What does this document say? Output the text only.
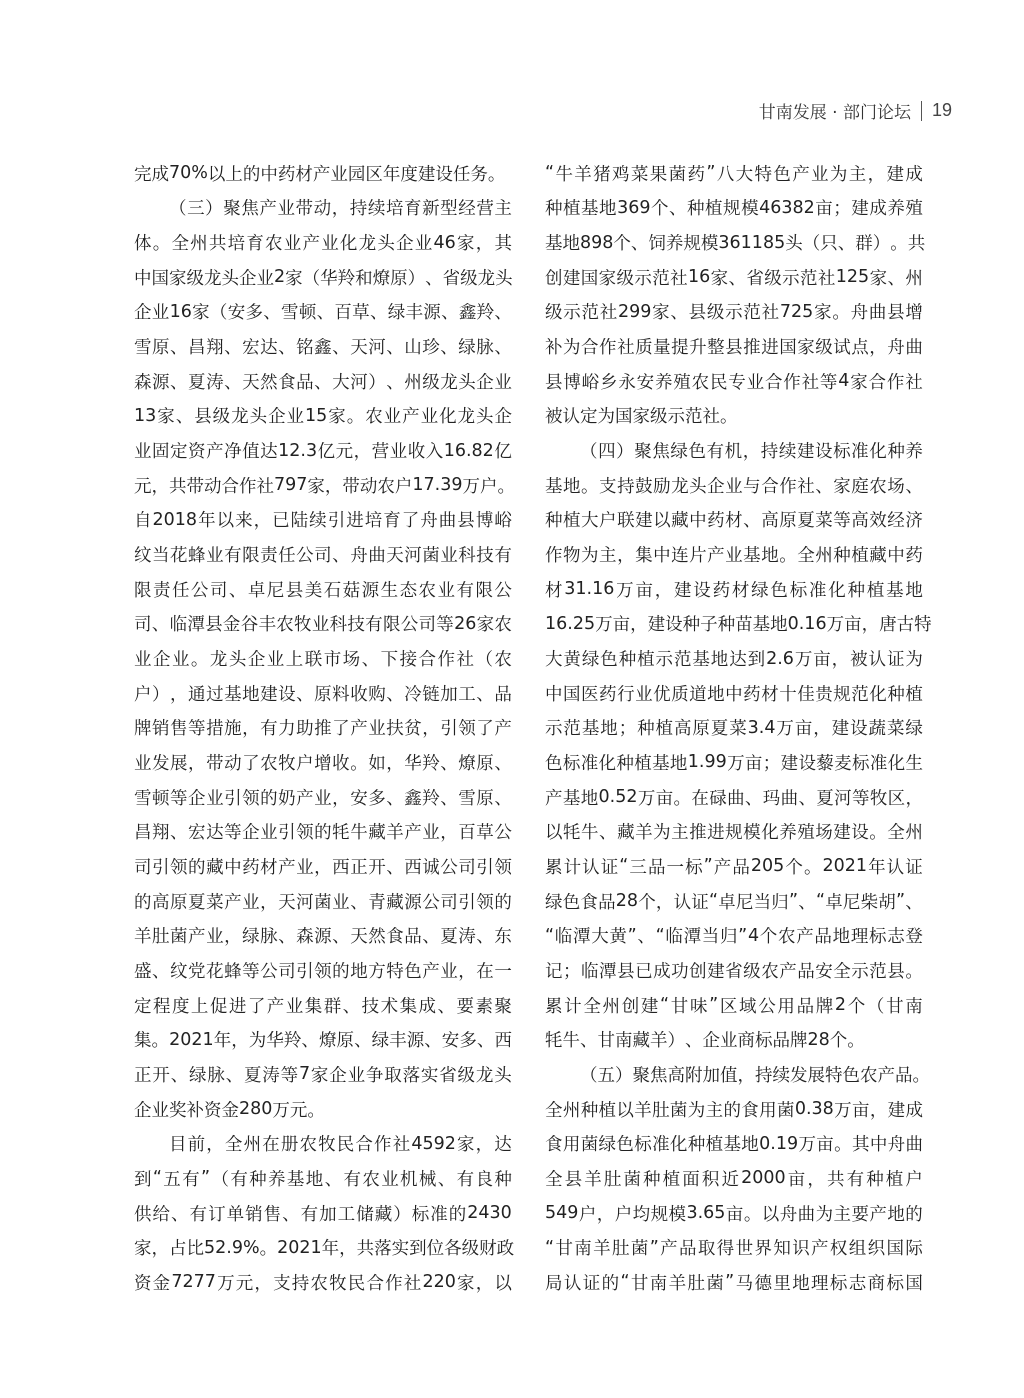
甘南发展 · 部门论坛 19
完 成 70% 以 上 的 中 药 材 产 业 园 区 年 度 建 设 任 务 。
（ 三 ） 聚 焦 产 业 带 动 ， 持 续 培 育 新 型 经 营 主
体 。 全 州 共 培 育 农 业 产 业 化 龙 头 企 业 46 家 ， 其
中 国 家 级 龙 头 企 业 2 家 （ 华 羚 和 燎 原 ） 、 省 级 龙 头
企 业 16 家 （ 安 多 、 雪 顿 、 百 草 、 绿 丰 源 、 鑫 羚 、
雪 原 、 昌 翔 、 宏 达 、 铭 鑫 、 天 河 、 山 珍 、 绿 脉 、
森 源 、 夏 涛 、 天 然 食 品 、 大 河 ） 、 州 级 龙 头 企 业
13 家 、 县 级 龙 头 企 业 15 家 。 农 业 产 业 化 龙 头 企
业 固 定 资 产 净 值 达 12.3 亿 元 ， 营 业 收 入 16.82 亿
元 ， 共 带 动 合 作 社 797 家 ， 带 动 农 户 17.39 万 户 。
自 2018 年 以 来 ， 已 陆 续 引 进 培 育 了 舟 曲 县 博 峪
纹 当 花 蜂 业 有 限 责 任 公 司 、 舟 曲 天 河 菌 业 科 技 有
限 责 任 公 司 、 卓 尼 县 美 石 菇 源 生 态 农 业 有 限 公
司 、 临 潭 县 金 谷 丰 农 牧 业 科 技 有 限 公 司 等 26 家 农
业 企 业 。 龙 头 企 业 上 联 市 场 、 下 接 合 作 社 （ 农
户 ） ， 通 过 基 地 建 设 、 原 料 收 购 、 冷 链 加 工 、 品
牌 销 售 等 措 施 ， 有 力 助 推 了 产 业 扶 贫 ， 引 领 了 产
业 发 展 ， 带 动 了 农 牧 户 增 收 。 如 ， 华 羚 、 燎 原 、
雪 顿 等 企 业 引 领 的 奶 产 业 ， 安 多 、 鑫 羚 、 雪 原 、
昌 翔 、 宏 达 等 企 业 引 领 的 牦 牛 藏 羊 产 业 ， 百 草 公
司 引 领 的 藏 中 药 材 产 业 ， 西 正 开 、 西 诚 公 司 引 领
的 高 原 夏 菜 产 业 ， 天 河 菌 业 、 青 藏 源 公 司 引 领 的
羊 肚 菌 产 业 ， 绿 脉 、 森 源 、 天 然 食 品 、 夏 涛 、 东
盛 、 纹 党 花 蜂 等 公 司 引 领 的 地 方 特 色 产 业 ， 在 一
定 程 度 上 促 进 了 产 业 集 群 、 技 术 集 成 、 要 素 聚
集 。 2021 年 ， 为 华 羚 、 燎 原 、 绿 丰 源 、 安 多 、 西
正 开 、 绿 脉 、 夏 涛 等 7 家 企 业 争 取 落 实 省 级 龙 头
企 业 奖 补 资 金 280 万 元 。
目 前 ， 全 州 在 册 农 牧 民 合 作 社 4592 家 ， 达
到 “ 五 有 ” （ 有 种 养 基 地 、 有 农 业 机 械 、 有 良 种
供 给 、 有 订 单 销 售 、 有 加 工 储 藏 ） 标 准 的 2430
家 ， 占 比 52.9% 。 2021 年 ， 共 落 实 到 位 各 级 财 政
资 金 7277 万 元 ， 支 持 农 牧 民 合 作 社 220 家 ， 以
“ 牛 羊 猪 鸡 菜 果 菌 药 ” 八 大 特 色 产 业 为 主 ， 建 成
种 植 基 地 369 个 、 种 植 规 模 46382 亩 ； 建 成 养 殖
基 地 898 个 、 饲 养 规 模 361185 头 （ 只 、 群 ） 。 共
创 建 国 家 级 示 范 社 16 家 、 省 级 示 范 社 125 家 、 州
级 示 范 社 299 家 、 县 级 示 范 社 725 家 。 舟 曲 县 增
补 为 合 作 社 质 量 提 升 整 县 推 进 国 家 级 试 点 ， 舟 曲
县 博 峪 乡 永 安 养 殖 农 民 专 业 合 作 社 等 4 家 合 作 社
被 认 定 为 国 家 级 示 范 社 。
（ 四 ） 聚 焦 绿 色 有 机 ， 持 续 建 设 标 准 化 种 养
基 地 。 支 持 鼓 励 龙 头 企 业 与 合 作 社 、 家 庭 农 场 、
种 植 大 户 联 建 以 藏 中 药 材 、 高 原 夏 菜 等 高 效 经 济
作 物 为 主 ， 集 中 连 片 产 业 基 地 。 全 州 种 植 藏 中 药
材 31.16 万 亩 ， 建 设 药 材 绿 色 标 准 化 种 植 基 地
16.25 万 亩 ， 建 设 种 子 种 苗 基 地 0.16 万 亩 ， 唐 古 特
大 黄 绿 色 种 植 示 范 基 地 达 到 2.6 万 亩 ， 被 认 证 为
中 国 医 药 行 业 优 质 道 地 中 药 材 十 佳 贵 规 范 化 种 植
示 范 基 地 ； 种 植 高 原 夏 菜 3.4 万 亩 ， 建 设 蔬 菜 绿
色 标 准 化 种 植 基 地 1.99 万 亩 ； 建 设 藜 麦 标 准 化 生
产 基 地 0.52 万 亩 。 在 碌 曲 、 玛 曲 、 夏 河 等 牧 区 ，
以 牦 牛 、 藏 羊 为 主 推 进 规 模 化 养 殖 场 建 设 。 全 州
累 计 认 证 “ 三 品 一 标 ” 产 品 205 个 。 2021 年 认 证
绿 色 食 品 28 个 ， 认 证 “ 卓 尼 当 归 ” 、 “ 卓 尼 柴 胡 ” 、
“ 临 潭 大 黄 ” 、 “ 临 潭 当 归 ” 4 个 农 产 品 地 理 标 志 登
记 ； 临 潭 县 已 成 功 创 建 省 级 农 产 品 安 全 示 范 县 。
累 计 全 州 创 建 “ 甘 味 ” 区 域 公 用 品 牌 2 个 （ 甘 南
牦 牛 、 甘 南 藏 羊 ） 、 企 业 商 标 品 牌 28 个 。
（ 五 ） 聚 焦 高 附 加 值 ， 持 续 发 展 特 色 农 产 品 。
全 州 种 植 以 羊 肚 菌 为 主 的 食 用 菌 0.38 万 亩 ， 建 成
食 用 菌 绿 色 标 准 化 种 植 基 地 0.19 万 亩 。 其 中 舟 曲
全 县 羊 肚 菌 种 植 面 积 近 2000 亩 ， 共 有 种 植 户
549 户 ， 户 均 规 模 3.65 亩 。 以 舟 曲 为 主 要 产 地 的
“ 甘 南 羊 肚 菌 ” 产 品 取 得 世 界 知 识 产 权 组 织 国 际
局 认 证 的 “ 甘 南 羊 肚 菌 ” 马 德 里 地 理 标 志 商 标 国
